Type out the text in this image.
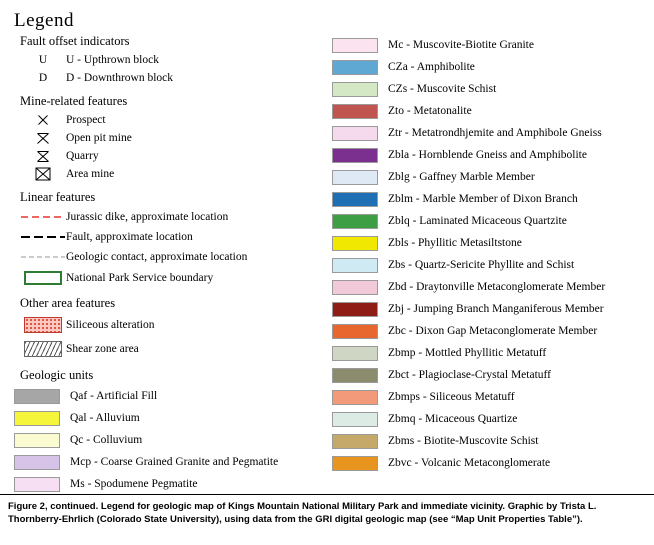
Legend
Fault offset indicators
U U - Upthrown block
D D - Downthrown block
Mine-related features
Prospect
Open pit mine
Quarry
Area mine
Linear features
Jurassic dike, approximate location
Fault, approximate location
Geologic contact, approximate location
National Park Service boundary
Other area features
Siliceous alteration
Shear zone area
Geologic units
Qaf - Artificial Fill
Qal - Alluvium
Qc - Colluvium
Mcp - Coarse Grained Granite and Pegmatite
Ms - Spodumene Pegmatite
Mc - Muscovite-Biotite Granite
CZa - Amphibolite
CZs - Muscovite Schist
Zto - Metatonalite
Ztr - Metatrondhjemite and Amphibole Gneiss
Zbla - Hornblende Gneiss and Amphibolite
Zblg - Gaffney Marble Member
Zblm - Marble Member of Dixon Branch
Zblq - Laminated Micaceous Quartzite
Zbls - Phyllitic Metasiltstone
Zbs - Quartz-Sericite Phyllite and Schist
Zbd - Draytonville Metaconglomerate Member
Zbj - Jumping Branch Manganiferous Member
Zbc - Dixon Gap Metaconglomerate Member
Zbmp - Mottled Phyllitic Metatuff
Zbct - Plagioclase-Crystal Metatuff
Zbmps - Siliceous Metatuff
Zbmq - Micaceous Quartize
Zbms - Biotite-Muscovite Schist
Zbvc - Volcanic Metaconglomerate
Figure 2, continued. Legend for geologic map of Kings Mountain National Military Park and immediate vicinity. Graphic by Trista L. Thornberry-Ehrlich (Colorado State University), using data from the GRI digital geologic map (see “Map Unit Properties Table”).
